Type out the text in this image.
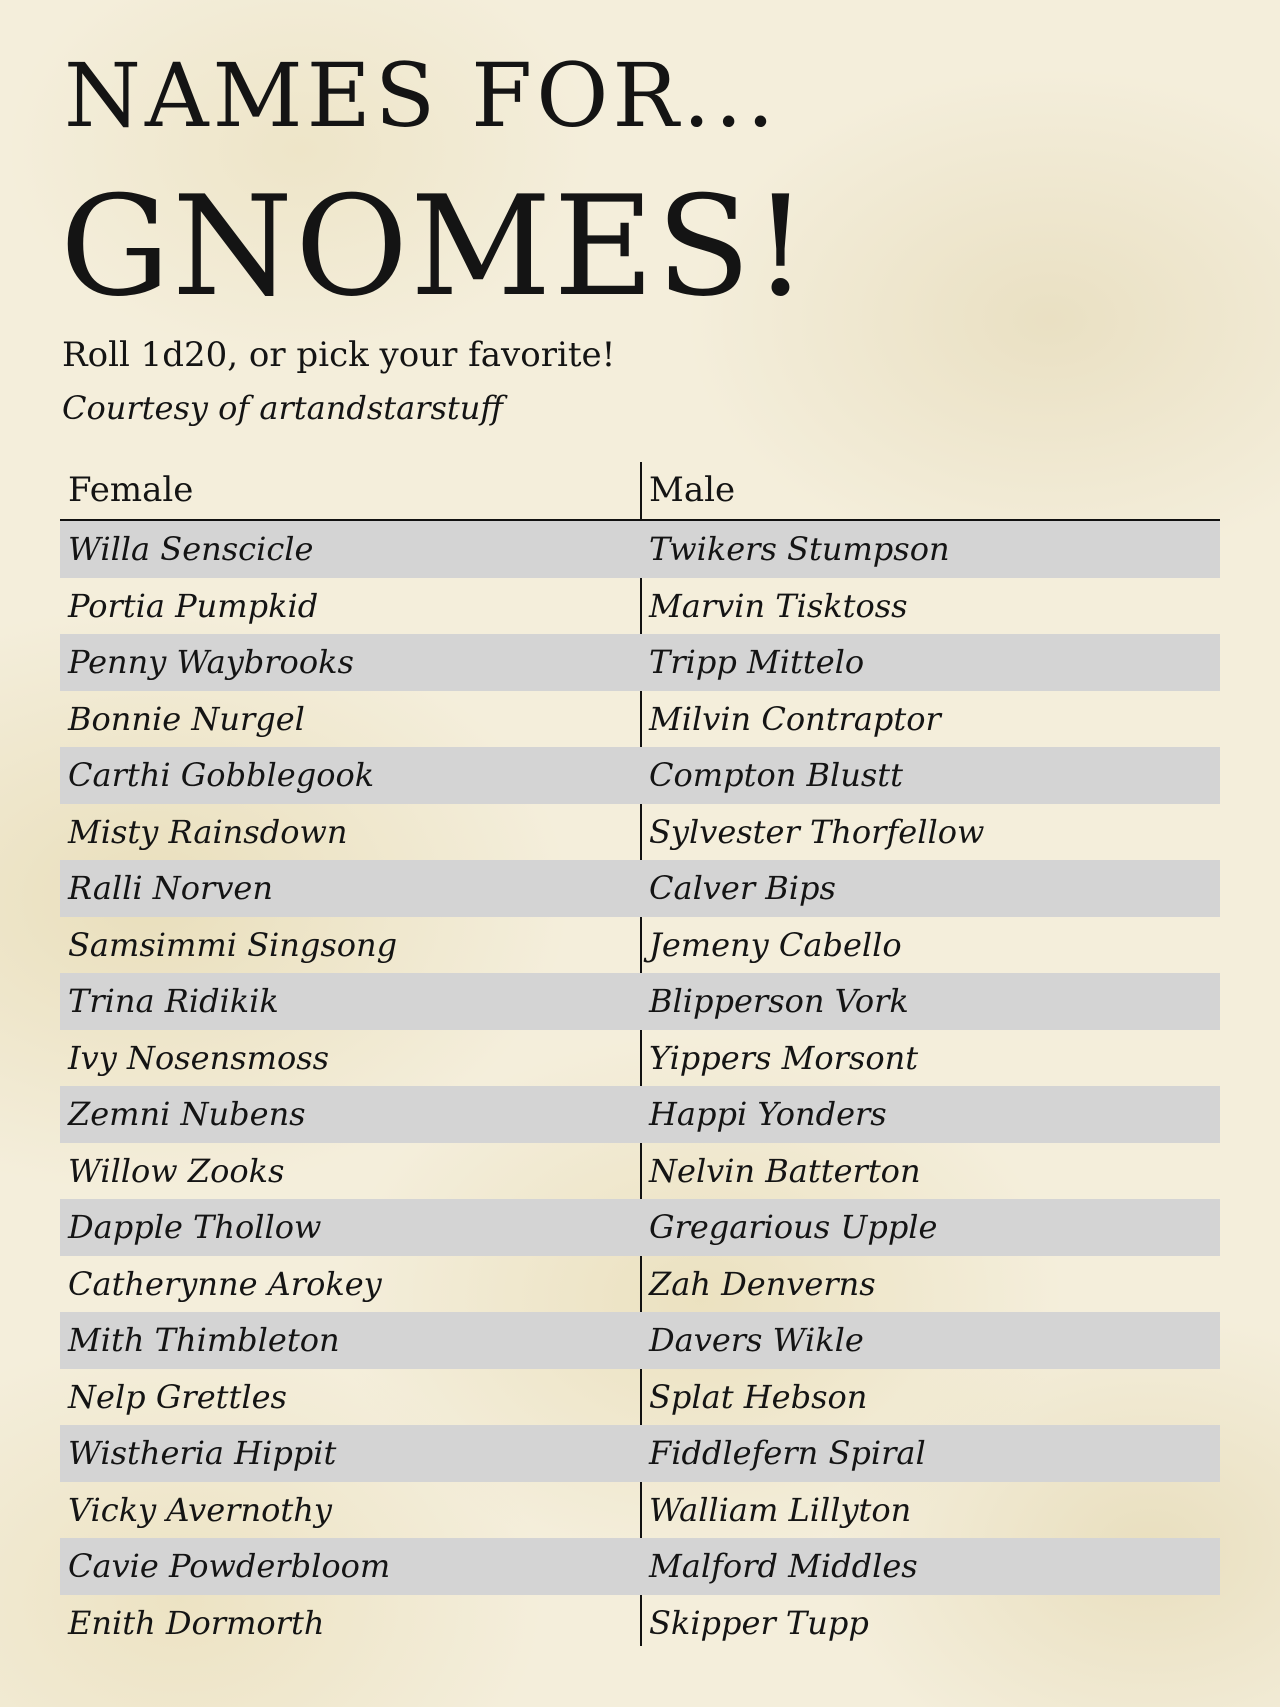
NAMES FOR...
GNOMES!
Roll 1d20, or pick your favorite!
Courtesy of artandstarstuff
Female	Male
Willa Senscicle	Twikers Stumpson
Portia Pumpkid	Marvin Tisktoss
Penny Waybrooks	Tripp Mittelo
Bonnie Nurgel	Milvin Contraptor
Carthi Gobblegook	Compton Blustt
Misty Rainsdown	Sylvester Thorfellow
Ralli Norven	Calver Bips
Samsimmi Singsong	Jemeny Cabello
Trina Ridikik	Blipperson Vork
Ivy Nosensmoss	Yippers Morsont
Zemni Nubens	Happi Yonders
Willow Zooks	Nelvin Batterton
Dapple Thollow	Gregarious Upple
Catherynne Arokey	Zah Denverns
Mith Thimbleton	Davers Wikle
Nelp Grettles	Splat Hebson
Wistheria Hippit	Fiddlefern Spiral
Vicky Avernothy	Walliam Lillyton
Cavie Powderbloom	Malford Middles
Enith Dormorth	Skipper Tupp
